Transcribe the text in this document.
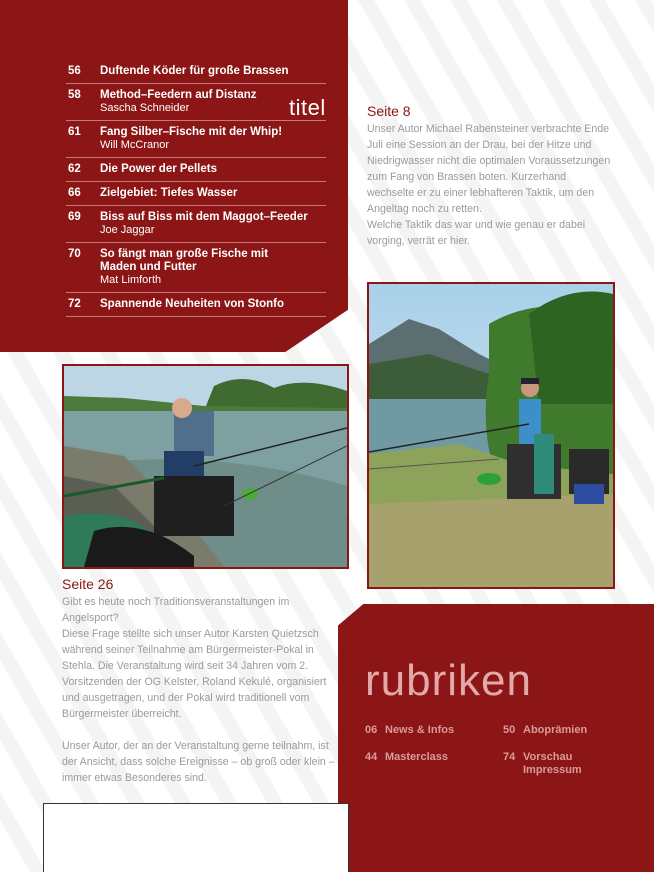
56	Duftende Köder für große Brassen
58	Method–Feedern auf Distanz
Sascha Schneider
61	Fang Silber–Fische mit der Whip!
Will McCranor
62	Die Power der Pellets
66	Zielgebiet: Tiefes Wasser
69	Biss auf Biss mit dem Maggot–Feeder
Joe Jaggar
70	So fängt man große Fische mit Maden und Futter
Mat Limforth
72	Spannende Neuheiten von Stonfo
titel	Seite 8
Unser Autor Michael Rabensteiner verbrachte Ende Juli eine Session an der Drau, bei der Hitze und Niedrigwasser nicht die optimalen Voraussetzungen zum Fang von Brassen boten. Kurzerhand wechselte er zu einer lebhafteren Taktik, um den Angeltag noch zu retten.
Welche Taktik das war und wie genau er dabei vorging, verrät er hier.
Seite 26
Gibt es heute noch Traditionsveranstaltungen im Angelsport?
Diese Frage stellte sich unser Autor Karsten Quietzsch während seiner Teilnahme am Bürgermeister-Pokal in Stehla. Die Veranstaltung wird seit 34 Jahren vom 2. Vorsitzenden der OG Kelster, Roland Kekulé, organisiert und ausgetragen, und der Pokal wird traditionell vom Bürgermeister überreicht.
Unser Autor, der an der Veranstaltung gerne teilnahm, ist der Ansicht, dass solche Ereignisse – ob groß oder klein – immer etwas Besonderes sind.
rubriken
06 News & Infos
44 Masterclass
50 Aboprämien
74 Vorschau
Impressum
